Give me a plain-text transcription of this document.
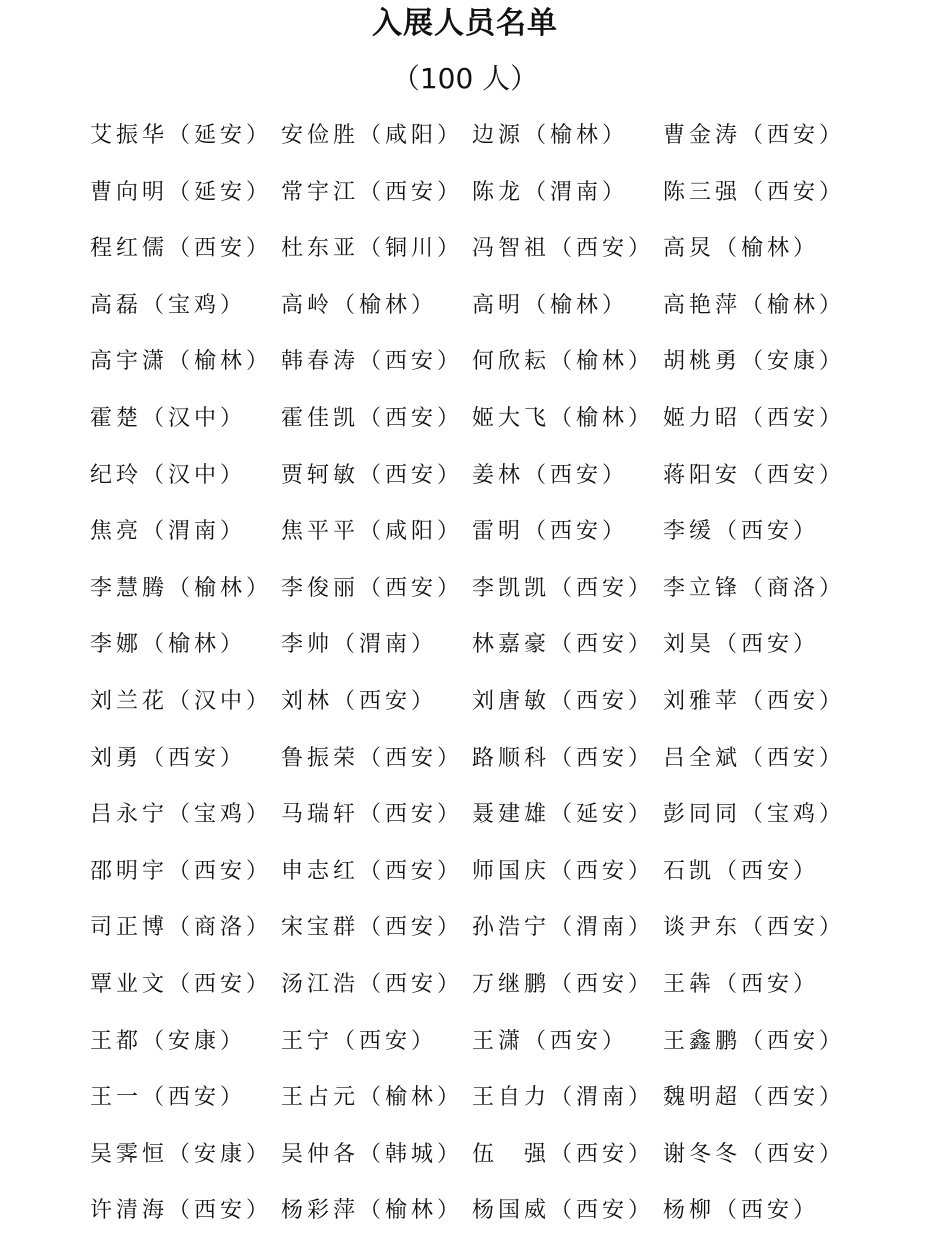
入展人员名单
（100 人）
艾振华（延安） 安俭胜（咸阳） 边源（榆林）	曹金涛（西安）
曹向明（延安） 常宇江（西安） 陈龙（渭南）	陈三强（西安）
程红儒（西安） 杜东亚（铜川） 冯智祖（西安） 高炅（榆林）
高磊（宝鸡）	高岭（榆林）	高明（榆林）	高艳萍（榆林）
高宇潇（榆林） 韩春涛（西安） 何欣耘（榆林） 胡桃勇（安康）
霍楚（汉中）	霍佳凯（西安） 姬大飞（榆林） 姬力昭（西安）
纪玲（汉中）	贾轲敏（西安） 姜林（西安）	蒋阳安（西安）
焦亮（渭南）	焦平平（咸阳） 雷明（西安）	李缓（西安）
李慧腾（榆林） 李俊丽（西安） 李凯凯（西安） 李立锋（商洛）
李娜（榆林）	李帅（渭南）	林嘉豪（西安） 刘昊（西安）
刘兰花（汉中） 刘林（西安）	刘唐敏（西安） 刘雅苹（西安）
刘勇（西安）	鲁振荣（西安） 路顺科（西安） 吕全斌（西安）
吕永宁（宝鸡） 马瑞轩（西安） 聂建雄（延安） 彭同同（宝鸡）
邵明宇（西安） 申志红（西安） 师国庆（西安） 石凯（西安）
司正博（商洛） 宋宝群（西安） 孙浩宁（渭南） 谈尹东（西安）
覃业文（西安） 汤江浩（西安） 万继鹏（西安） 王犇（西安）
王都（安康）	王宁（西安）	王潇（西安）	王鑫鹏（西安）
王一（西安）	王占元（榆林） 王自力（渭南） 魏明超（西安）
吴霁恒（安康） 吴仲各（韩城） 伍　强（西安） 谢冬冬（西安）
许清海（西安） 杨彩萍（榆林） 杨国威（西安） 杨柳（西安）
